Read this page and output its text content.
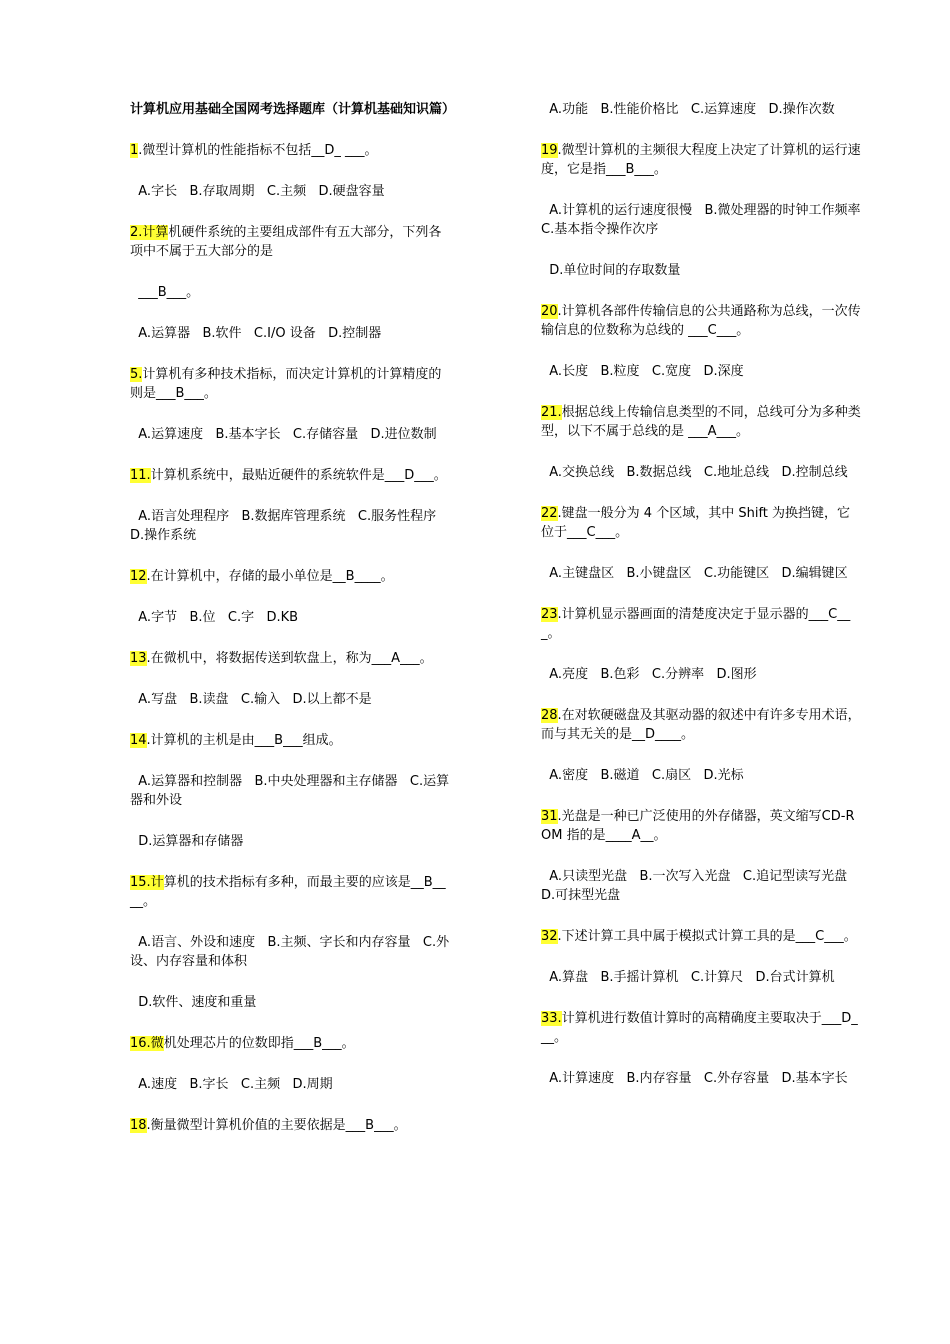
计算机应用基础全国网考选择题库（计算机基础知识篇）
1.微型计算机的性能指标不包括__D_ ___。
A.字长   B.存取周期   C.主频   D.硬盘容量
2.计算机硬件系统的主要组成部件有五大部分，下列各项中不属于五大部分的是
___B___。
A.运算器   B.软件   C.I/O 设备   D.控制器
5.计算机有多种技术指标，而决定计算机的计算精度的则是___B___。
A.运算速度   B.基本字长   C.存储容量   D.进位数制
11.计算机系统中，最贴近硬件的系统软件是___D___。
A.语言处理程序   B.数据库管理系统   C.服务性程序   D.操作系统
12.在计算机中，存储的最小单位是__B____。
A.字节   B.位   C.字   D.KB
13.在微机中，将数据传送到软盘上，称为___A___。
A.写盘   B.读盘   C.输入   D.以上都不是
14.计算机的主机是由___B___组成。
A.运算器和控制器   B.中央处理器和主存储器   C.运算器和外设
D.运算器和存储器
15.计算机的技术指标有多种，而最主要的应该是__B____。
A.语言、外设和速度   B.主频、字长和内存容量   C.外设、内存容量和体积
D.软件、速度和重量
16.微机处理芯片的位数即指___B___。
A.速度   B.字长   C.主频   D.周期
18.衡量微型计算机价值的主要依据是___B___。
A.功能   B.性能价格比   C.运算速度   D.操作次数
19.微型计算机的主频很大程度上决定了计算机的运行速度，它是指___B___。
A.计算机的运行速度很慢   B.微处理器的时钟工作频率   C.基本指令操作次序
D.单位时间的存取数量
20.计算机各部件传输信息的公共通路称为总线，一次传输信息的位数称为总线的 ___C___。
A.长度   B.粒度   C.宽度   D.深度
21.根据总线上传输信息类型的不同，总线可分为多种类型，以下不属于总线的是 ___A___。
A.交换总线   B.数据总线   C.地址总线   D.控制总线
22.键盘一般分为 4 个区域，其中 Shift 为换挡键，它位于___C___。
A.主键盘区   B.小键盘区   C.功能键区   D.编辑键区
23.计算机显示器画面的清楚度决定于显示器的___C___。
A.亮度   B.色彩   C.分辨率   D.图形
28.在对软硬磁盘及其驱动器的叙述中有许多专用术语，而与其无关的是__D____。
A.密度   B.磁道   C.扇区   D.光标
31.光盘是一种已广泛使用的外存储器，英文缩写CD-ROM 指的是____A__。
A.只读型光盘   B.一次写入光盘   C.追记型读写光盘   D.可抹型光盘
32.下述计算工具中属于模拟式计算工具的是___C___。
A.算盘   B.手摇计算机   C.计算尺   D.台式计算机
33.计算机进行数值计算时的高精确度主要取决于___D___。
A.计算速度   B.内存容量   C.外存容量   D.基本字长
